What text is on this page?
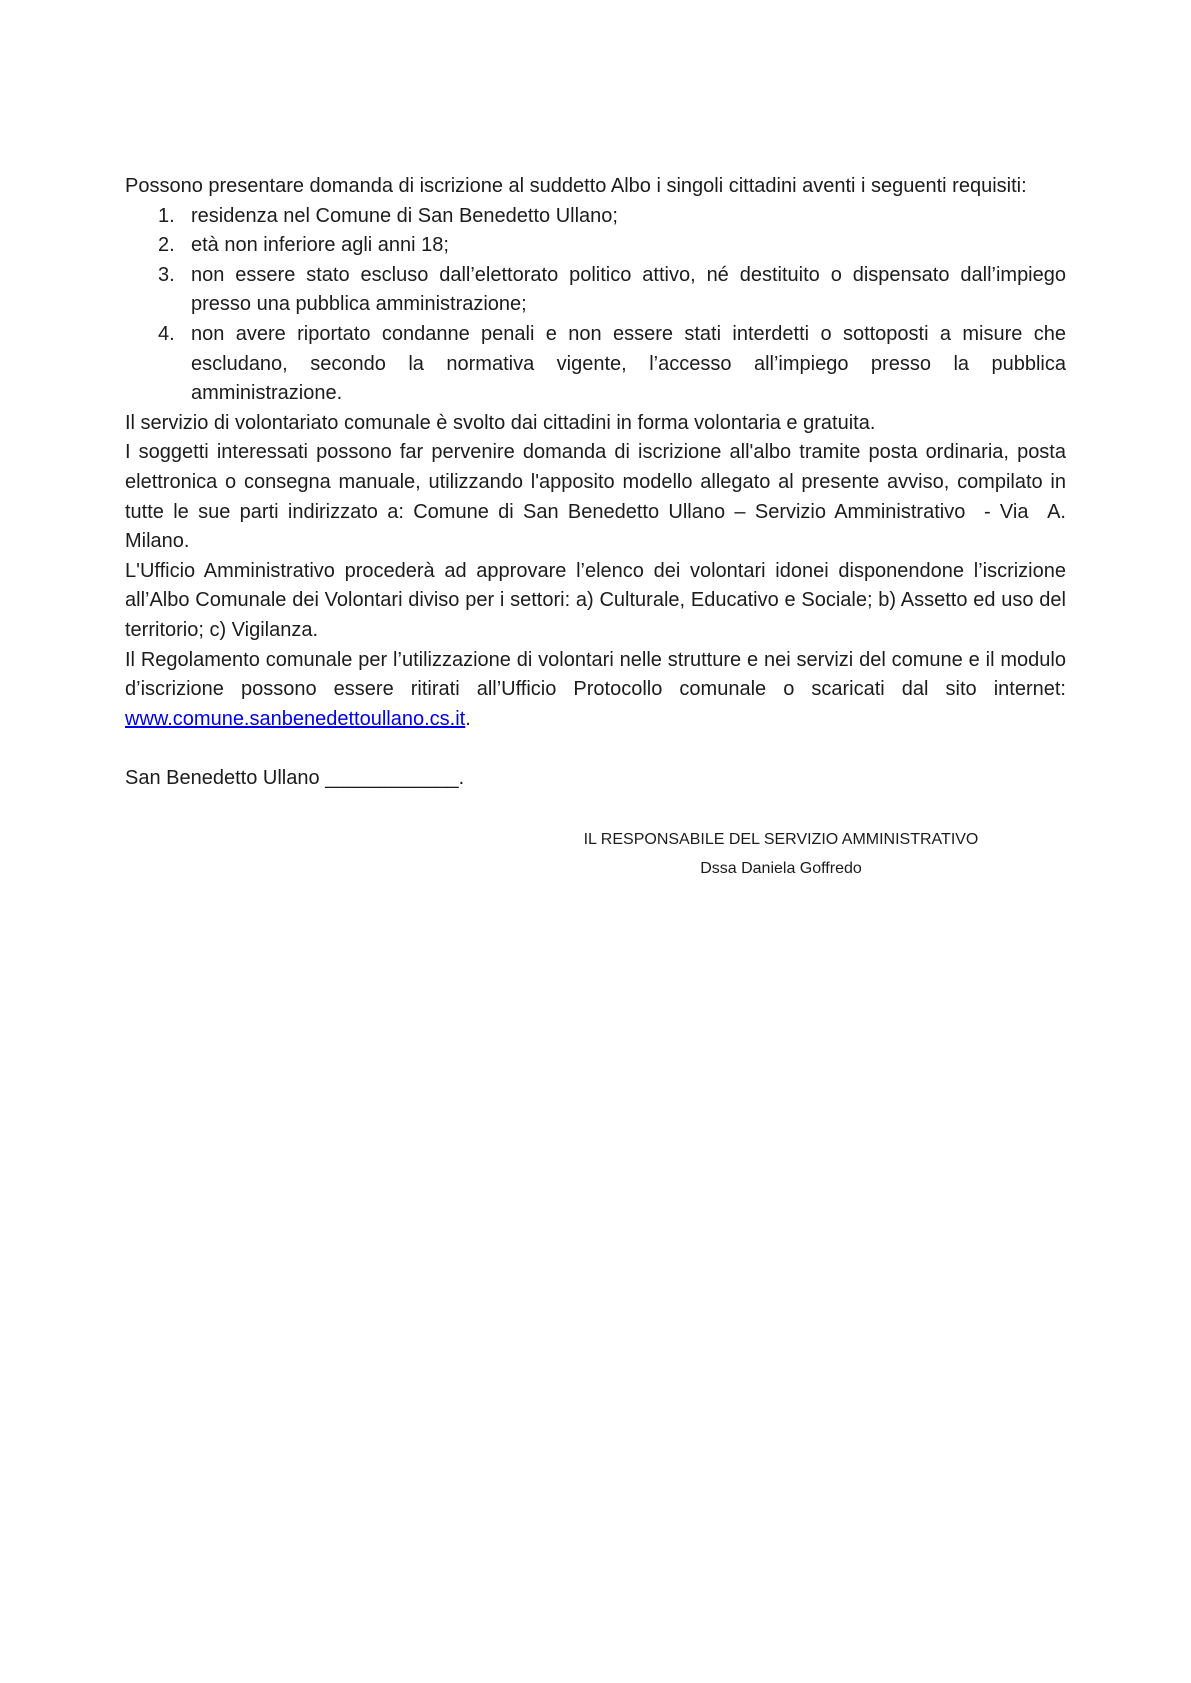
Possono presentare domanda di iscrizione al suddetto Albo i singoli cittadini aventi i seguenti requisiti:

1. residenza nel Comune di San Benedetto Ullano;
2. età non inferiore agli anni 18;
3. non essere stato escluso dall’elettorato politico attivo, né destituito o dispensato dall’impiego presso una pubblica amministrazione;
4. non avere riportato condanne penali e non essere stati interdetti o sottoposti a misure che escludano, secondo la normativa vigente, l’accesso all’impiego presso la pubblica amministrazione.

Il servizio di volontariato comunale è svolto dai cittadini in forma volontaria e gratuita.

I soggetti interessati possono far pervenire domanda di iscrizione all'albo tramite posta ordinaria, posta elettronica o consegna manuale, utilizzando l'apposito modello allegato al presente avviso, compilato in tutte le sue parti indirizzato a: Comune di San Benedetto Ullano – Servizio Amministrativo  - Via  A. Milano.

L'Ufficio Amministrativo procederà ad approvare l’elenco dei volontari idonei disponendone l’iscrizione all’Albo Comunale dei Volontari diviso per i settori: a) Culturale, Educativo e Sociale; b) Assetto ed uso del territorio; c) Vigilanza.

Il Regolamento comunale per l’utilizzazione di volontari nelle strutture e nei servizi del comune e il modulo d’iscrizione possono essere ritirati all’Ufficio Protocollo comunale o scaricati dal sito internet: www.comune.sanbenedettoullano.cs.it.

San Benedetto Ullano ____________.

IL RESPONSABILE DEL SERVIZIO AMMINISTRATIVO
Dssa Daniela Goffredo
